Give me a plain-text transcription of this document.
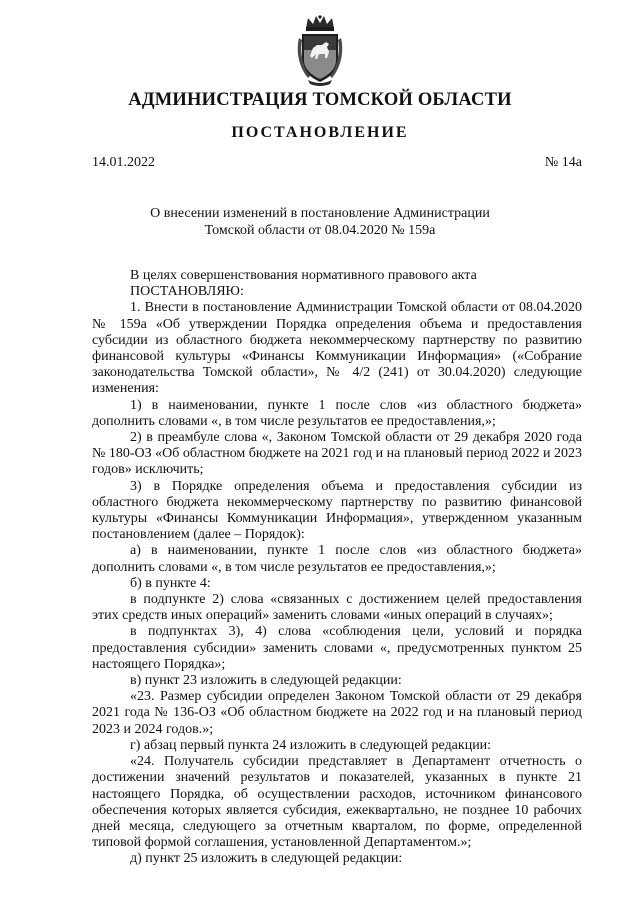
АДМИНИСТРАЦИЯ ТОМСКОЙ ОБЛАСТИ
ПОСТАНОВЛЕНИЕ
14.01.2022	№ 14а
О внесении изменений в постановление Администрации
Томской области от 08.04.2020 № 159а

В целях совершенствования нормативного правового акта

ПОСТАНОВЛЯЮ:

1. Внести в постановление Администрации Томской области от 08.04.2020 № 159а «Об утверждении Порядка определения объема и предоставления субсидии из областного бюджета некоммерческому партнерству по развитию финансовой культуры «Финансы Коммуникации Информация» («Собрание законодательства Томской области», № 4/2 (241) от 30.04.2020) следующие изменения:

1) в наименовании, пункте 1 после слов «из областного бюджета» дополнить словами «, в том числе результатов ее предоставления,»;

2) в преамбуле слова «, Законом Томской области от 29 декабря 2020 года № 180-ОЗ «Об областном бюджете на 2021 год и на плановый период 2022 и 2023 годов» исключить;

3) в Порядке определения объема и предоставления субсидии из областного бюджета некоммерческому партнерству по развитию финансовой культуры «Финансы Коммуникации Информация», утвержденном указанным постановлением (далее – Порядок):

а) в наименовании, пункте 1 после слов «из областного бюджета» дополнить словами «, в том числе результатов ее предоставления,»;

б) в пункте 4:

в подпункте 2) слова «связанных с достижением целей предоставления этих средств иных операций» заменить словами «иных операций в случаях»;

в подпунктах 3), 4) слова «соблюдения цели, условий и порядка предоставления субсидии» заменить словами «, предусмотренных пунктом 25 настоящего Порядка»;

в) пункт 23 изложить в следующей редакции:

«23. Размер субсидии определен Законом Томской области от 29 декабря 2021 года № 136-ОЗ «Об областном бюджете на 2022 год и на плановый период 2023 и 2024 годов.»;

г) абзац первый пункта 24 изложить в следующей редакции:

«24. Получатель субсидии представляет в Департамент отчетность о достижении значений результатов и показателей, указанных в пункте 21 настоящего Порядка, об осуществлении расходов, источником финансового обеспечения которых является субсидия, ежеквартально, не позднее 10 рабочих дней месяца, следующего за отчетным кварталом, по форме, определенной типовой формой соглашения, установленной Департаментом.»;

д) пункт 25 изложить в следующей редакции:
